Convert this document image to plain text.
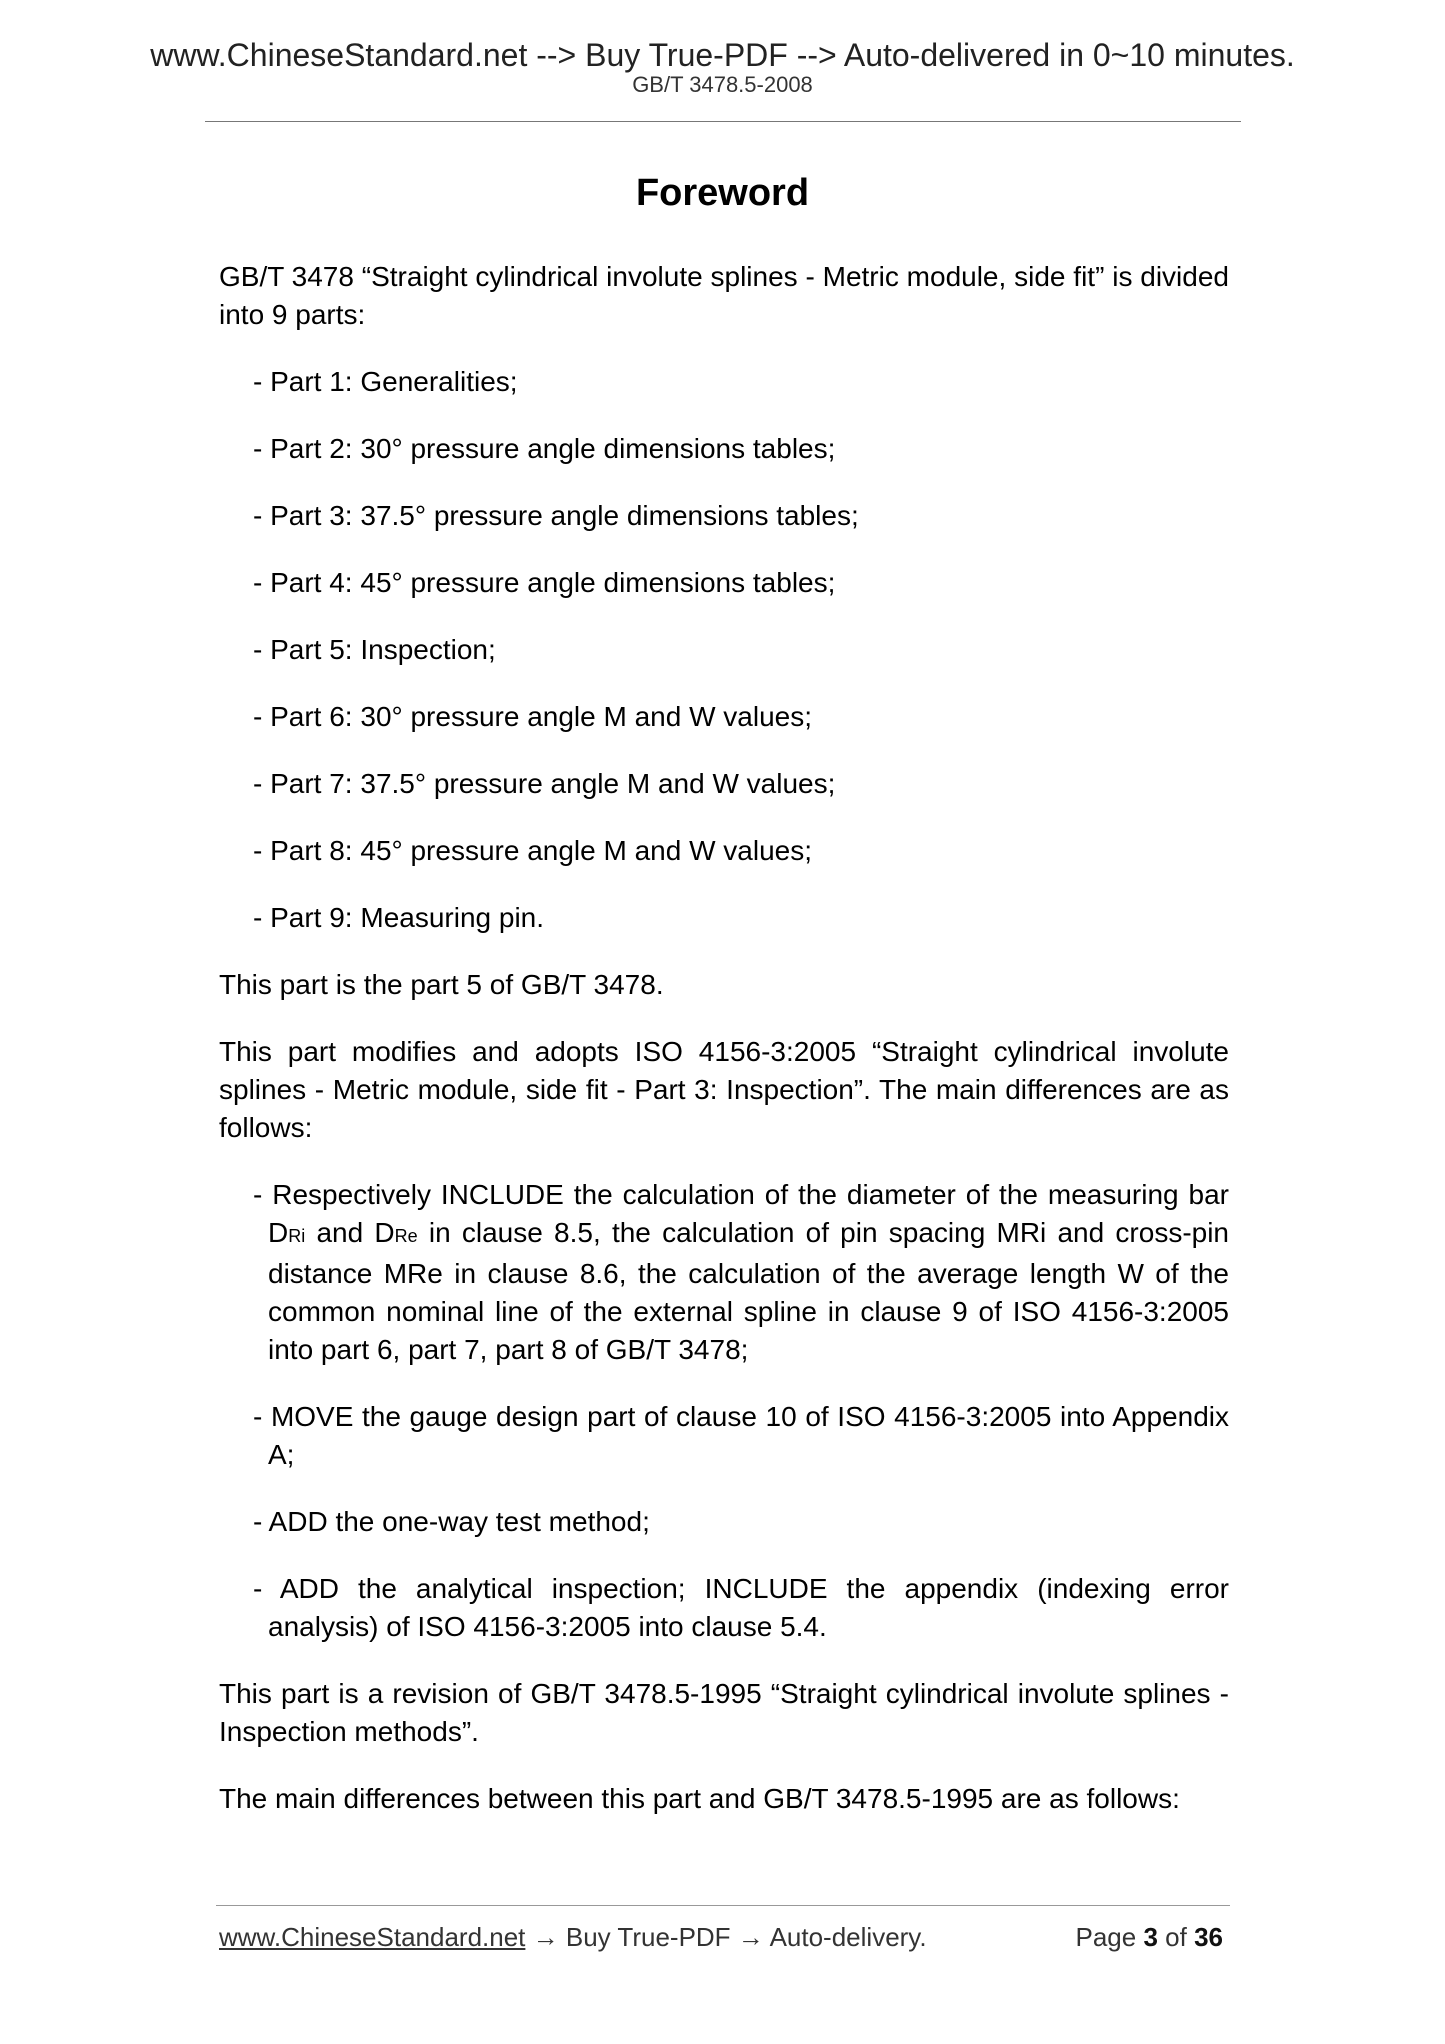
www.ChineseStandard.net --> Buy True-PDF --> Auto-delivered in 0~10 minutes.
GB/T 3478.5-2008
Foreword

GB/T 3478 “Straight cylindrical involute splines - Metric module, side fit” is divided into 9 parts:

- Part 1: Generalities;

- Part 2: 30° pressure angle dimensions tables;

- Part 3: 37.5° pressure angle dimensions tables;

- Part 4: 45° pressure angle dimensions tables;

- Part 5: Inspection;

- Part 6: 30° pressure angle M and W values;

- Part 7: 37.5° pressure angle M and W values;

- Part 8: 45° pressure angle M and W values;

- Part 9: Measuring pin.

This part is the part 5 of GB/T 3478.

This part modifies and adopts ISO 4156-3:2005 “Straight cylindrical involute splines - Metric module, side fit - Part 3: Inspection”. The main differences are as follows:

- Respectively INCLUDE the calculation of the diameter of the measuring bar DRi and DRe in clause 8.5, the calculation of pin spacing MRi and cross-pin distance MRe in clause 8.6, the calculation of the average length W of the common nominal line of the external spline in clause 9 of ISO 4156-3:2005 into part 6, part 7, part 8 of GB/T 3478;

- MOVE the gauge design part of clause 10 of ISO 4156-3:2005 into Appendix A;

- ADD the one-way test method;

- ADD the analytical inspection; INCLUDE the appendix (indexing error analysis) of ISO 4156-3:2005 into clause 5.4.

This part is a revision of GB/T 3478.5-1995 “Straight cylindrical involute splines - Inspection methods”.

The main differences between this part and GB/T 3478.5-1995 are as follows:

www.ChineseStandard.net → Buy True-PDF → Auto-delivery.	Page 3 of 36
